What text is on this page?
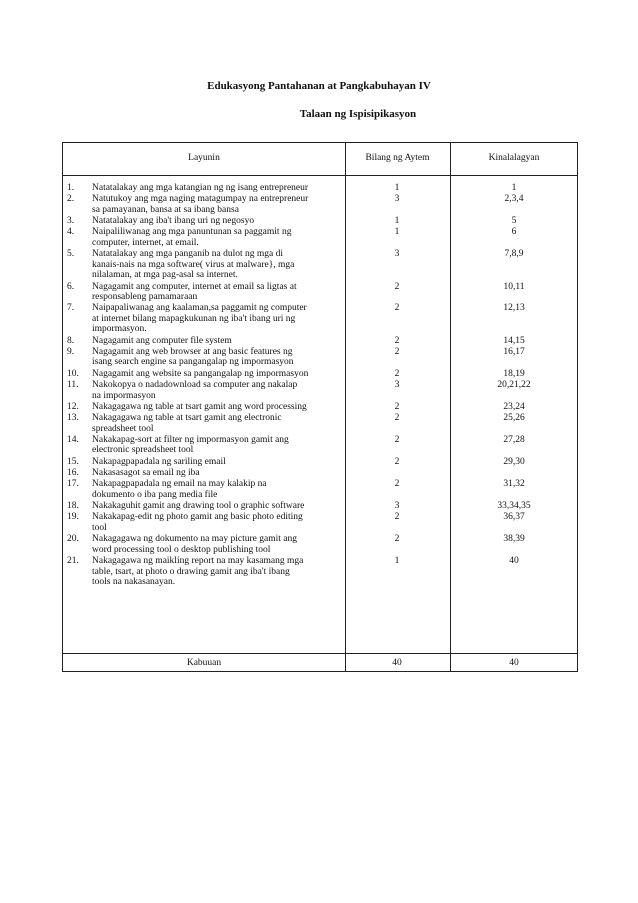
Edukasyong Pantahanan at Pangkabuhayan IV
Talaan ng Ispisipikasyon
Layunin	Bilang ng Aytem	Kinalalagyan
1.	Natatalakay ang mga katangian ng ng isang entrepreneur	1	1
2.	Natutukoy ang mga naging matagumpay na entrepreneur
sa pamayanan, bansa at sa ibang bansa
3	2,3,4
3.	Natatalakay ang iba't ibang uri ng negosyo	1	5
4.	Naipaliliwanag ang mga panuntunan sa paggamit ng
computer, internet, at email.
1	6
5.	Natatalakay ang mga panganib na dulot ng mga di
kanais-nais na mga software( virus at malware}, mga
nilalaman, at mga pag-asal sa internet.
3	7,8,9
6.	Nagagamit ang computer, internet at email sa ligtas at
responsableng pamamaraan
2	10,11
7.	Naipapaliwanag ang kaalaman,sa paggamit ng computer
at internet bilang mapagkukunan ng iba't ibang uri ng
impormasyon.
2	12,13
8.	Nagagamit ang computer file system	2	14,15
9.	Nagagamit ang web browser at ang basic features ng
isang search engine sa pangangalap ng impormasyon
2	16,17
10.	Nagagamit ang website sa pangangalap ng impormasyon	2	18,19
11.	Nakokopya o nadadownload sa computer ang nakalap
na impormasyon
3	20,21,22
12.	Nakagagawa ng table at tsart gamit ang word processing	2	23,24
13.	Nakagagawa ng table at tsart gamit ang electronic
spreadsheet tool
2	25,26
14.	Nakakapag-sort at filter ng impormasyon gamit ang
electronic spreadsheet tool
2	27,28
15.	Nakapagpapadala ng sariling email	2	29,30
16.	Nakasasagot sa email ng iba
17.	Nakapagpapadala ng email na may kalakip na
dokumento o iba pang media file
2	31,32
18.	Nakakaguhit gamit ang drawing tool o graphic software	3	33,34,35
19.	Nakakapag-edit ng photo gamit ang basic photo editing
tool
2	36,37
20.	Nakagagawa ng dokumento na may picture gamit ang
word processing tool o desktop publishing tool
2	38,39
21.	Nakagagawa ng maikling report na may kasamang mga
table, tsart, at photo o drawing gamit ang iba't ibang
tools na nakasanayan.
1	40
Kabuuan	40	40
